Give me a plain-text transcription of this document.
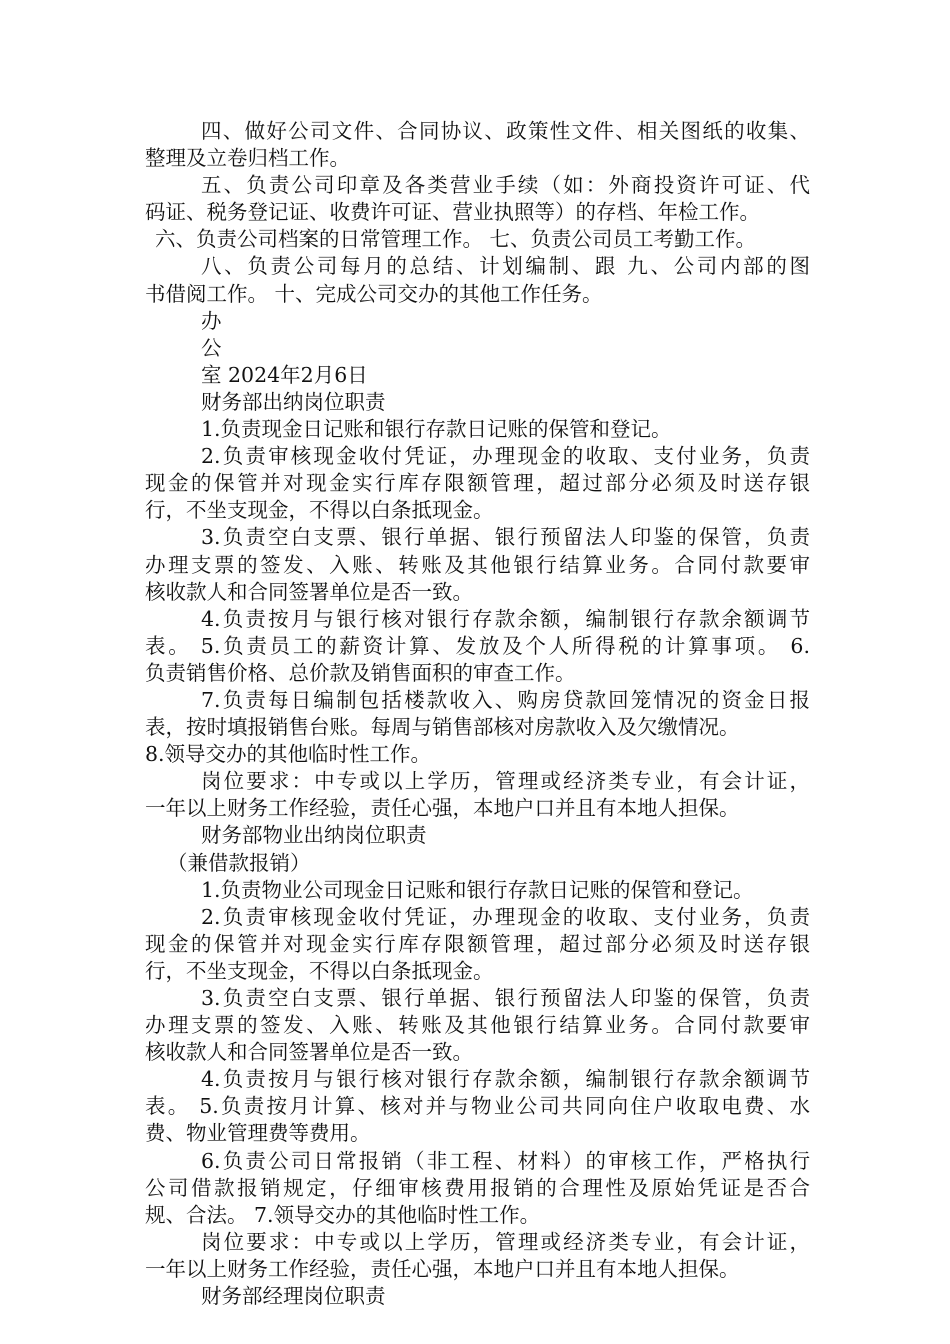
四、做好公司文件、合同协议、政策性文件、相关图纸的收集、
整理及立卷归档工作。
五、负责公司印章及各类营业手续（如：外商投资许可证、代
码证、税务登记证、收费许可证、营业执照等）的存档、年检工作。
六、负责公司档案的日常管理工作。 七、负责公司员工考勤工作。
八、负责公司每月的总结、计划编制、跟 九、公司内部的图
书借阅工作。 十、完成公司交办的其他工作任务。
办
公
室 2024年2月6日
财务部出纳岗位职责
1.负责现金日记账和银行存款日记账的保管和登记。
2.负责审核现金收付凭证，办理现金的收取、支付业务，负责
现金的保管并对现金实行库存限额管理，超过部分必须及时送存银
行，不坐支现金，不得以白条抵现金。
3.负责空白支票、银行单据、银行预留法人印鉴的保管，负责
办理支票的签发、入账、转账及其他银行结算业务。合同付款要审
核收款人和合同签署单位是否一致。
4.负责按月与银行核对银行存款余额，编制银行存款余额调节
表。 5.负责员工的薪资计算、发放及个人所得税的计算事项。 6.
负责销售价格、总价款及销售面积的审查工作。
7.负责每日编制包括楼款收入、购房贷款回笼情况的资金日报
表，按时填报销售台账。每周与销售部核对房款收入及欠缴情况。
8.领导交办的其他临时性工作。
岗位要求：中专或以上学历，管理或经济类专业，有会计证，
一年以上财务工作经验，责任心强，本地户口并且有本地人担保。
财务部物业出纳岗位职责
（兼借款报销）
1.负责物业公司现金日记账和银行存款日记账的保管和登记。
2.负责审核现金收付凭证，办理现金的收取、支付业务，负责
现金的保管并对现金实行库存限额管理，超过部分必须及时送存银
行，不坐支现金，不得以白条抵现金。
3.负责空白支票、银行单据、银行预留法人印鉴的保管，负责
办理支票的签发、入账、转账及其他银行结算业务。合同付款要审
核收款人和合同签署单位是否一致。
4.负责按月与银行核对银行存款余额，编制银行存款余额调节
表。 5.负责按月计算、核对并与物业公司共同向住户收取电费、水
费、物业管理费等费用。
6.负责公司日常报销（非工程、材料）的审核工作，严格执行
公司借款报销规定，仔细审核费用报销的合理性及原始凭证是否合
规、合法。 7.领导交办的其他临时性工作。
岗位要求：中专或以上学历，管理或经济类专业，有会计证，
一年以上财务工作经验，责任心强，本地户口并且有本地人担保。
财务部经理岗位职责
